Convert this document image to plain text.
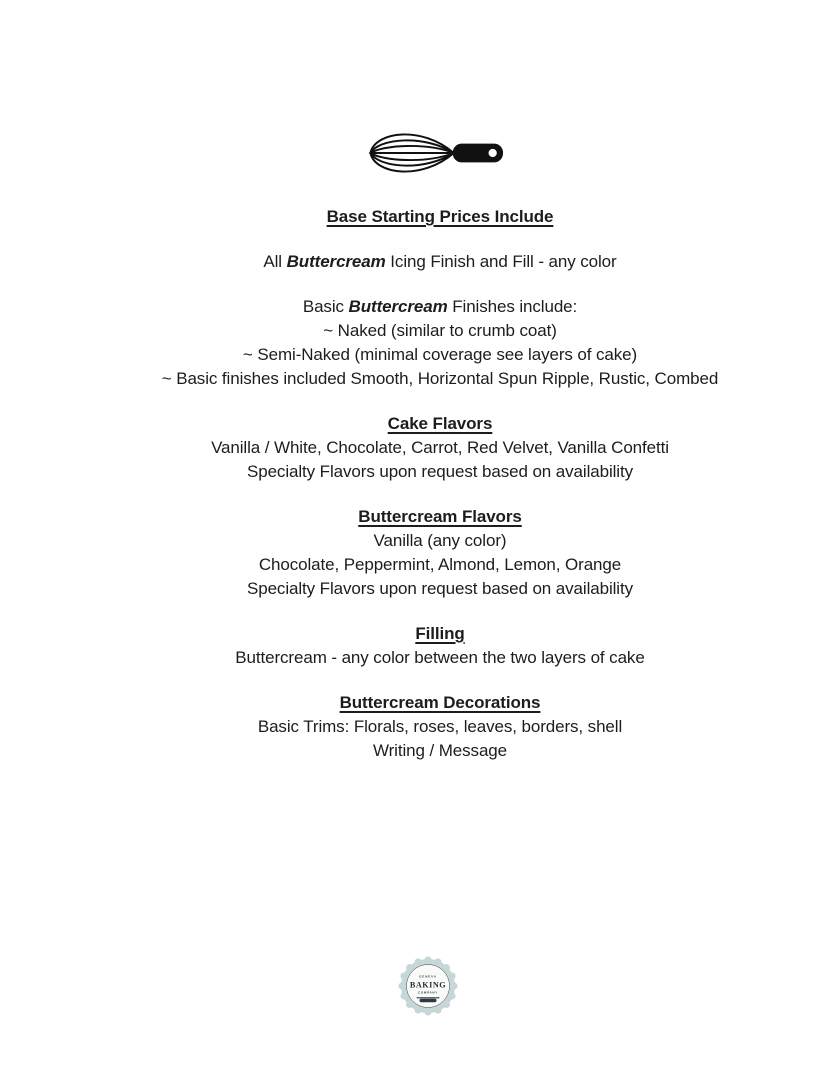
Base Starting Prices Include
All Buttercream Icing Finish and Fill - any color
Basic Buttercream Finishes include:
~ Naked (similar to crumb coat)
~ Semi-Naked (minimal coverage see layers of cake)
~ Basic finishes included Smooth, Horizontal Spun Ripple, Rustic, Combed
Cake Flavors
Vanilla / White, Chocolate, Carrot, Red Velvet, Vanilla Confetti
Specialty Flavors upon request based on availability
Buttercream Flavors
Vanilla (any color)
Chocolate, Peppermint, Almond, Lemon, Orange
Specialty Flavors upon request based on availability
Filling
Buttercream - any color between the two layers of cake
Buttercream Decorations
Basic Trims: Florals, roses, leaves, borders, shell
Writing / Message
GENEVA
BAKING
COMPANY
